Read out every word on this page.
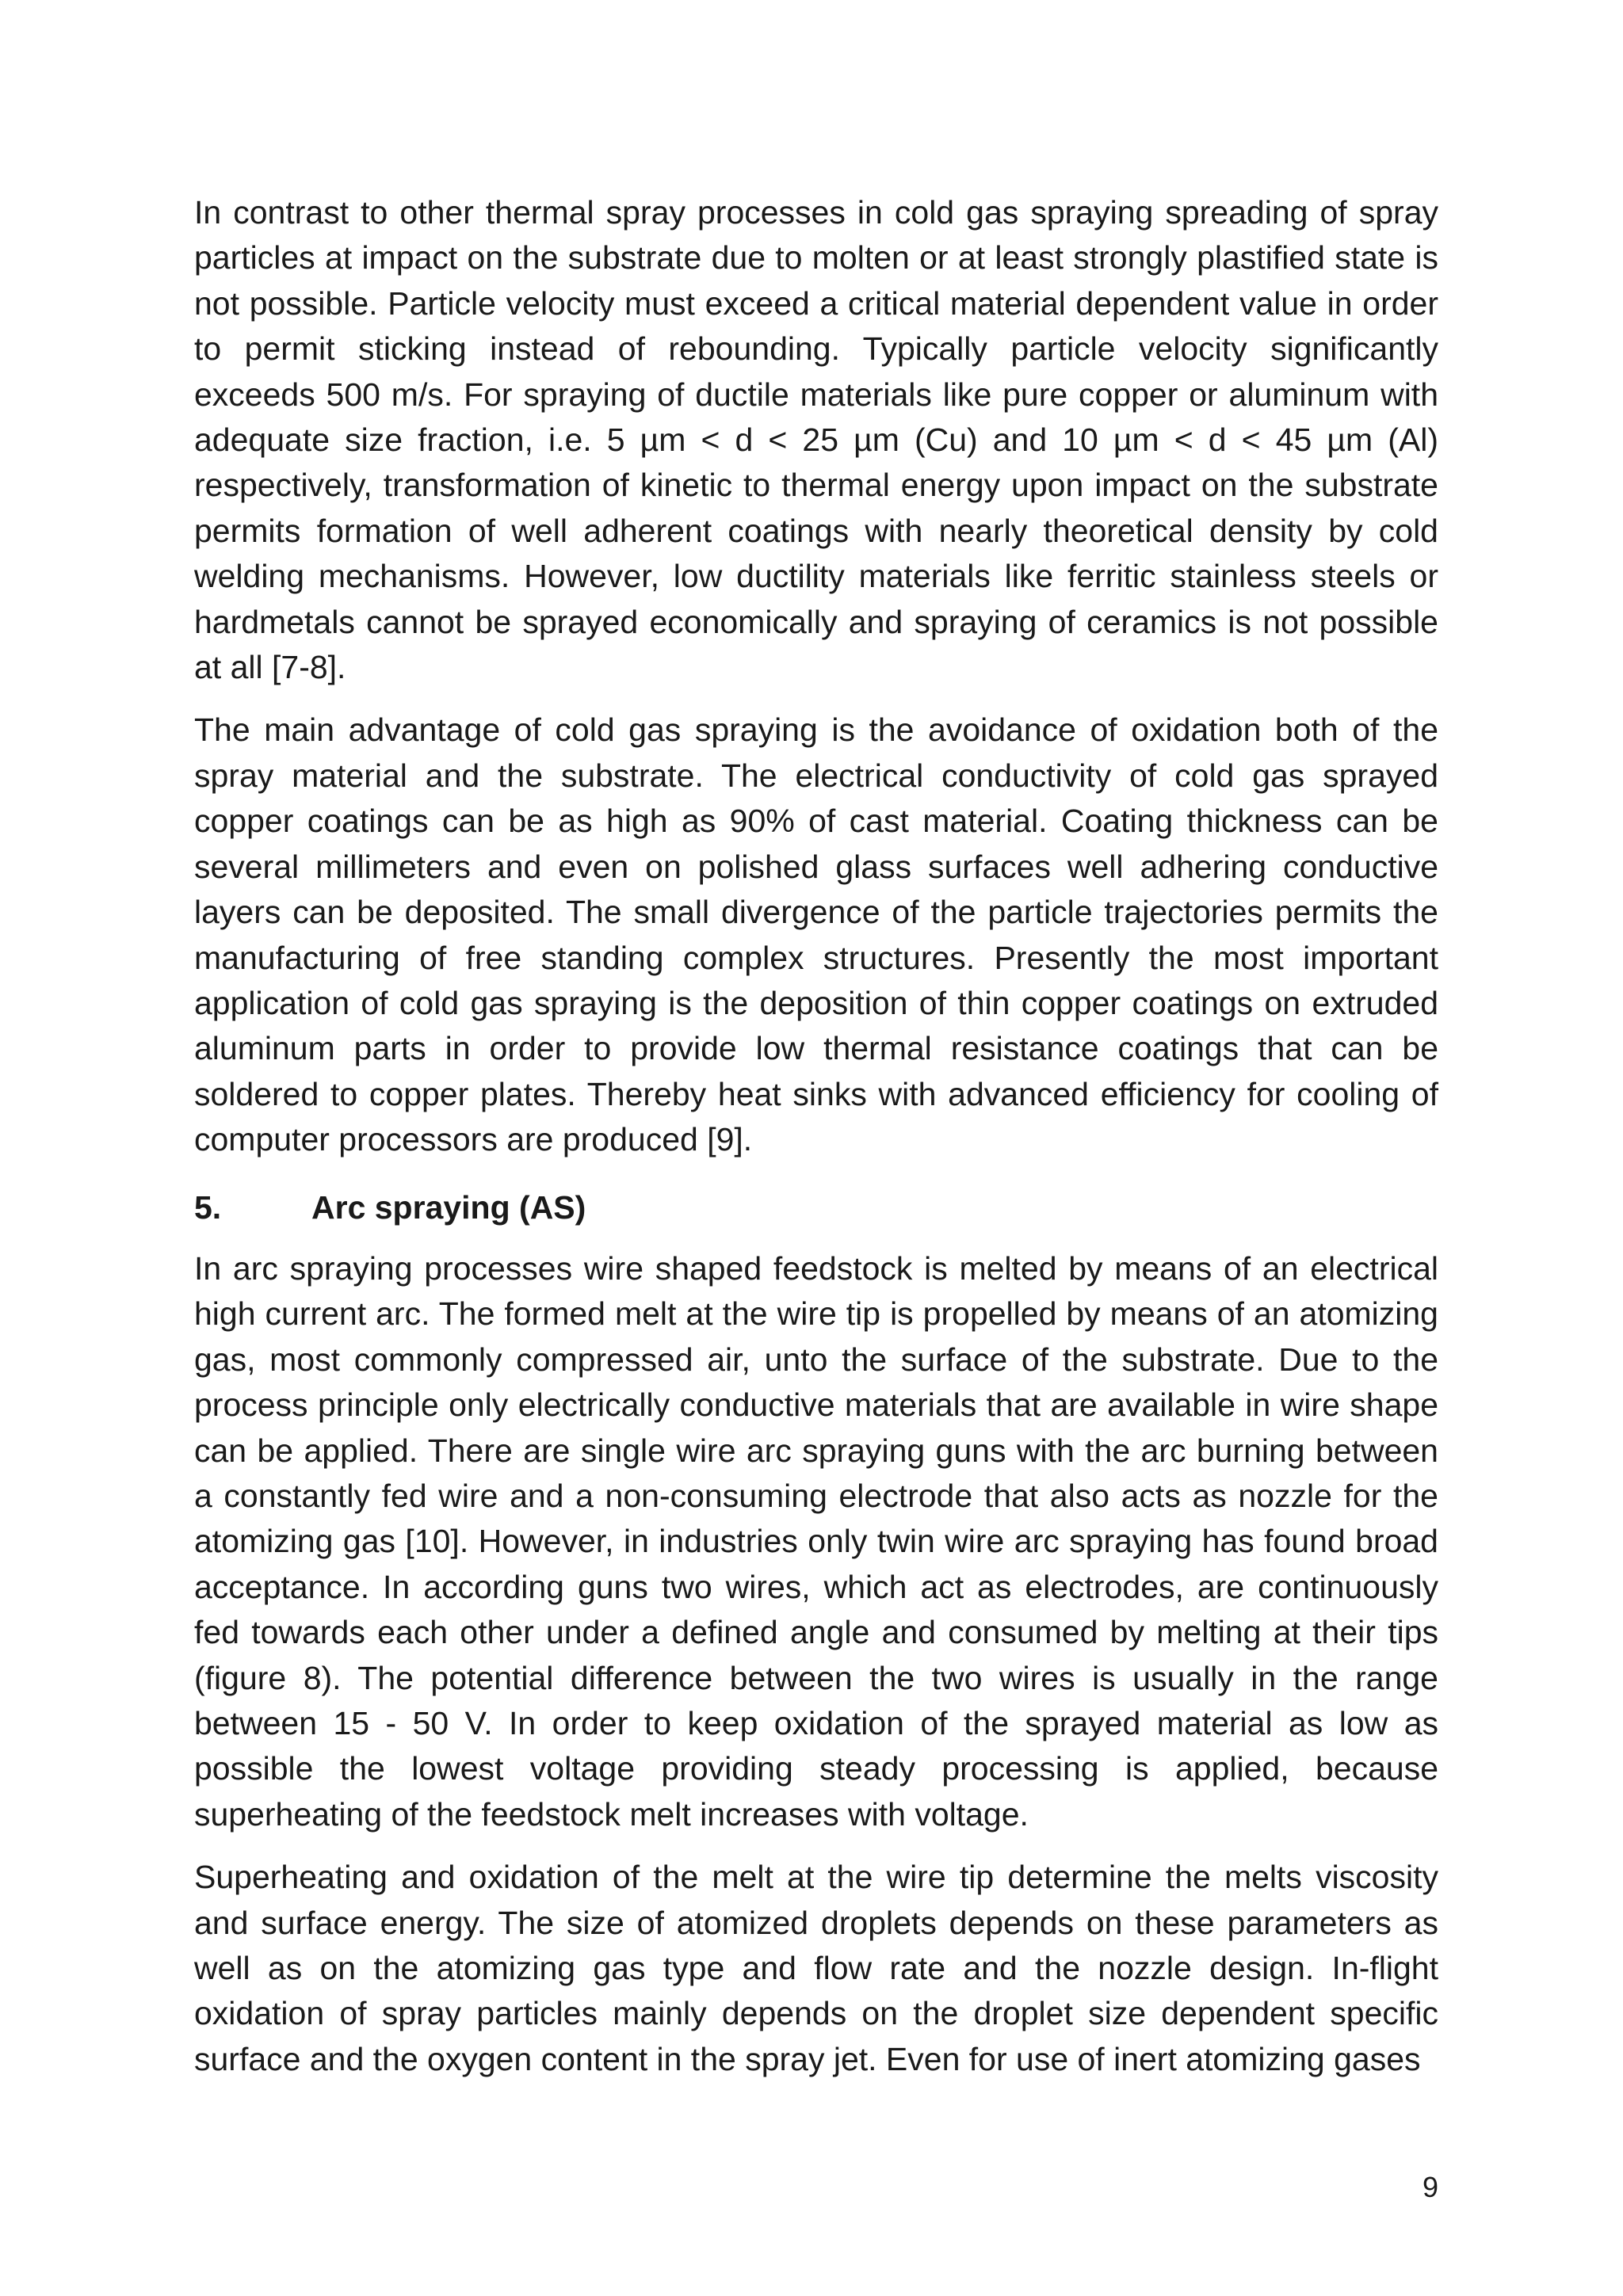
In contrast to other thermal spray processes in cold gas spraying spreading of spray particles at impact on the substrate due to molten or at least strongly plastified state is not possible. Particle velocity must exceed a critical material dependent value in order to permit sticking instead of rebounding. Typically particle velocity significantly exceeds 500 m/s. For spraying of ductile materials like pure copper or aluminum with adequate size fraction, i.e. 5 µm < d < 25 µm (Cu) and 10 µm < d < 45 µm (Al) respectively, transformation of kinetic to thermal energy upon impact on the substrate permits formation of well adherent coatings with nearly theoretical density by cold welding mechanisms. However, low ductility materials like ferritic stainless steels or hardmetals cannot be sprayed economically and spraying of ceramics is not possible at all [7-8].

The main advantage of cold gas spraying is the avoidance of oxidation both of the spray material and the substrate. The electrical conductivity of cold gas sprayed copper coatings can be as high as 90% of cast material. Coating thickness can be several millimeters and even on polished glass surfaces well adhering conductive layers can be deposited. The small divergence of the particle trajectories permits the manufacturing of free standing complex structures. Presently the most important application of cold gas spraying is the deposition of thin copper coatings on extruded aluminum parts in order to provide low thermal resistance coatings that can be soldered to copper plates. Thereby heat sinks with advanced efficiency for cooling of computer processors are produced [9].

5.	Arc spraying (AS)

In arc spraying processes wire shaped feedstock is melted by means of an electrical high current arc. The formed melt at the wire tip is propelled by means of an atomizing gas, most commonly compressed air, unto the surface of the substrate. Due to the process principle only electrically conductive materials that are available in wire shape can be applied. There are single wire arc spraying guns with the arc burning between a constantly fed wire and a non-consuming electrode that also acts as nozzle for the atomizing gas [10]. However, in industries only twin wire arc spraying has found broad acceptance. In according guns two wires, which act as electrodes, are continuously fed towards each other under a defined angle and consumed by melting at their tips (figure 8). The potential difference between the two wires is usually in the range between 15 - 50 V. In order to keep oxidation of the sprayed material as low as possible the lowest voltage providing steady processing is applied, because superheating of the feedstock melt increases with voltage.

Superheating and oxidation of the melt at the wire tip determine the melts viscosity and surface energy. The size of atomized droplets depends on these parameters as well as on the atomizing gas type and flow rate and the nozzle design. In-flight oxidation of spray particles mainly depends on the droplet size dependent specific surface and the oxygen content in the spray jet. Even for use of inert atomizing gases

9
